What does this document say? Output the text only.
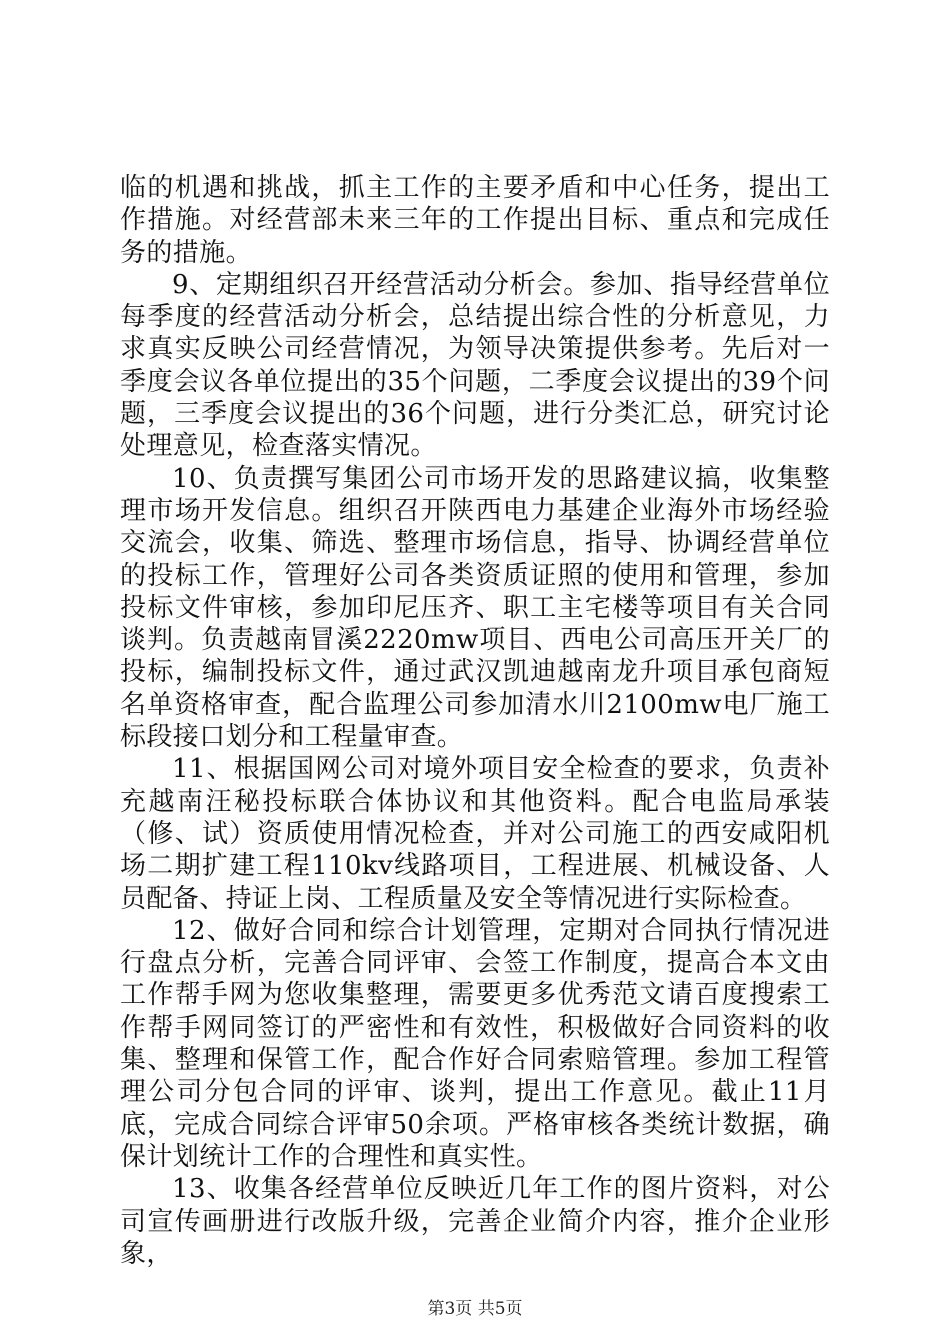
临的机遇和挑战，抓主工作的主要矛盾和中心任务，提出工作措施。对经营部未来三年的工作提出目标、重点和完成任务的措施。

9、定期组织召开经营活动分析会。参加、指导经营单位每季度的经营活动分析会，总结提出综合性的分析意见，力求真实反映公司经营情况，为领导决策提供参考。先后对一季度会议各单位提出的35个问题，二季度会议提出的39个问题，三季度会议提出的36个问题，进行分类汇总，研究讨论处理意见，检查落实情况。

10、负责撰写集团公司市场开发的思路建议搞，收集整理市场开发信息。组织召开陕西电力基建企业海外市场经验交流会，收集、筛选、整理市场信息，指导、协调经营单位的投标工作，管理好公司各类资质证照的使用和管理，参加投标文件审核，参加印尼压齐、职工主宅楼等项目有关合同谈判。负责越南冒溪2220mw项目、西电公司高压开关厂的投标，编制投标文件，通过武汉凯迪越南龙升项目承包商短名单资格审查，配合监理公司参加清水川2100mw电厂施工标段接口划分和工程量审查。

11、根据国网公司对境外项目安全检查的要求，负责补充越南汪秘投标联合体协议和其他资料。配合电监局承装（修、试）资质使用情况检查，并对公司施工的西安咸阳机场二期扩建工程110kv线路项目，工程进展、机械设备、人员配备、持证上岗、工程质量及安全等情况进行实际检查。

12、做好合同和综合计划管理，定期对合同执行情况进行盘点分析，完善合同评审、会签工作制度，提高合本文由工作帮手网为您收集整理，需要更多优秀范文请百度搜索工作帮手网同签订的严密性和有效性，积极做好合同资料的收集、整理和保管工作，配合作好合同索赔管理。参加工程管理公司分包合同的评审、谈判，提出工作意见。截止11月底，完成合同综合评审50余项。严格审核各类统计数据，确保计划统计工作的合理性和真实性。

13、收集各经营单位反映近几年工作的图片资料，对公司宣传画册进行改版升级，完善企业简介内容，推介企业形象，

第3页 共5页
